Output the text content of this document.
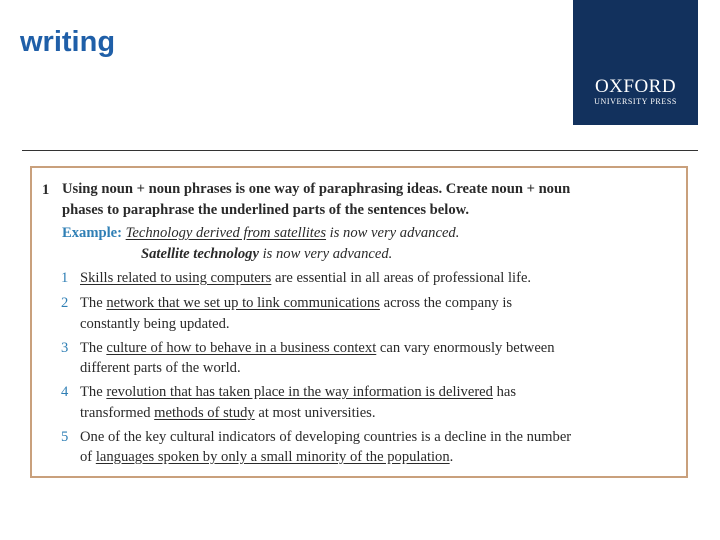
writing
OXFORD
UNIVERSITY PRESS
1 Using noun + noun phrases is one way of paraphrasing ideas. Create noun + noun
phases to paraphrase the underlined parts of the sentences below.
Example: Technology derived from satellites is now very advanced.
Satellite technology is now very advanced.
1 Skills related to using computers are essential in all areas of professional life.
2 The network that we set up to link communications across the company is
constantly being updated.
3 The culture of how to behave in a business context can vary enormously between
different parts of the world.
4 The revolution that has taken place in the way information is delivered has
transformed methods of study at most universities.
5 One of the key cultural indicators of developing countries is a decline in the number
of languages spoken by only a small minority of the population.
